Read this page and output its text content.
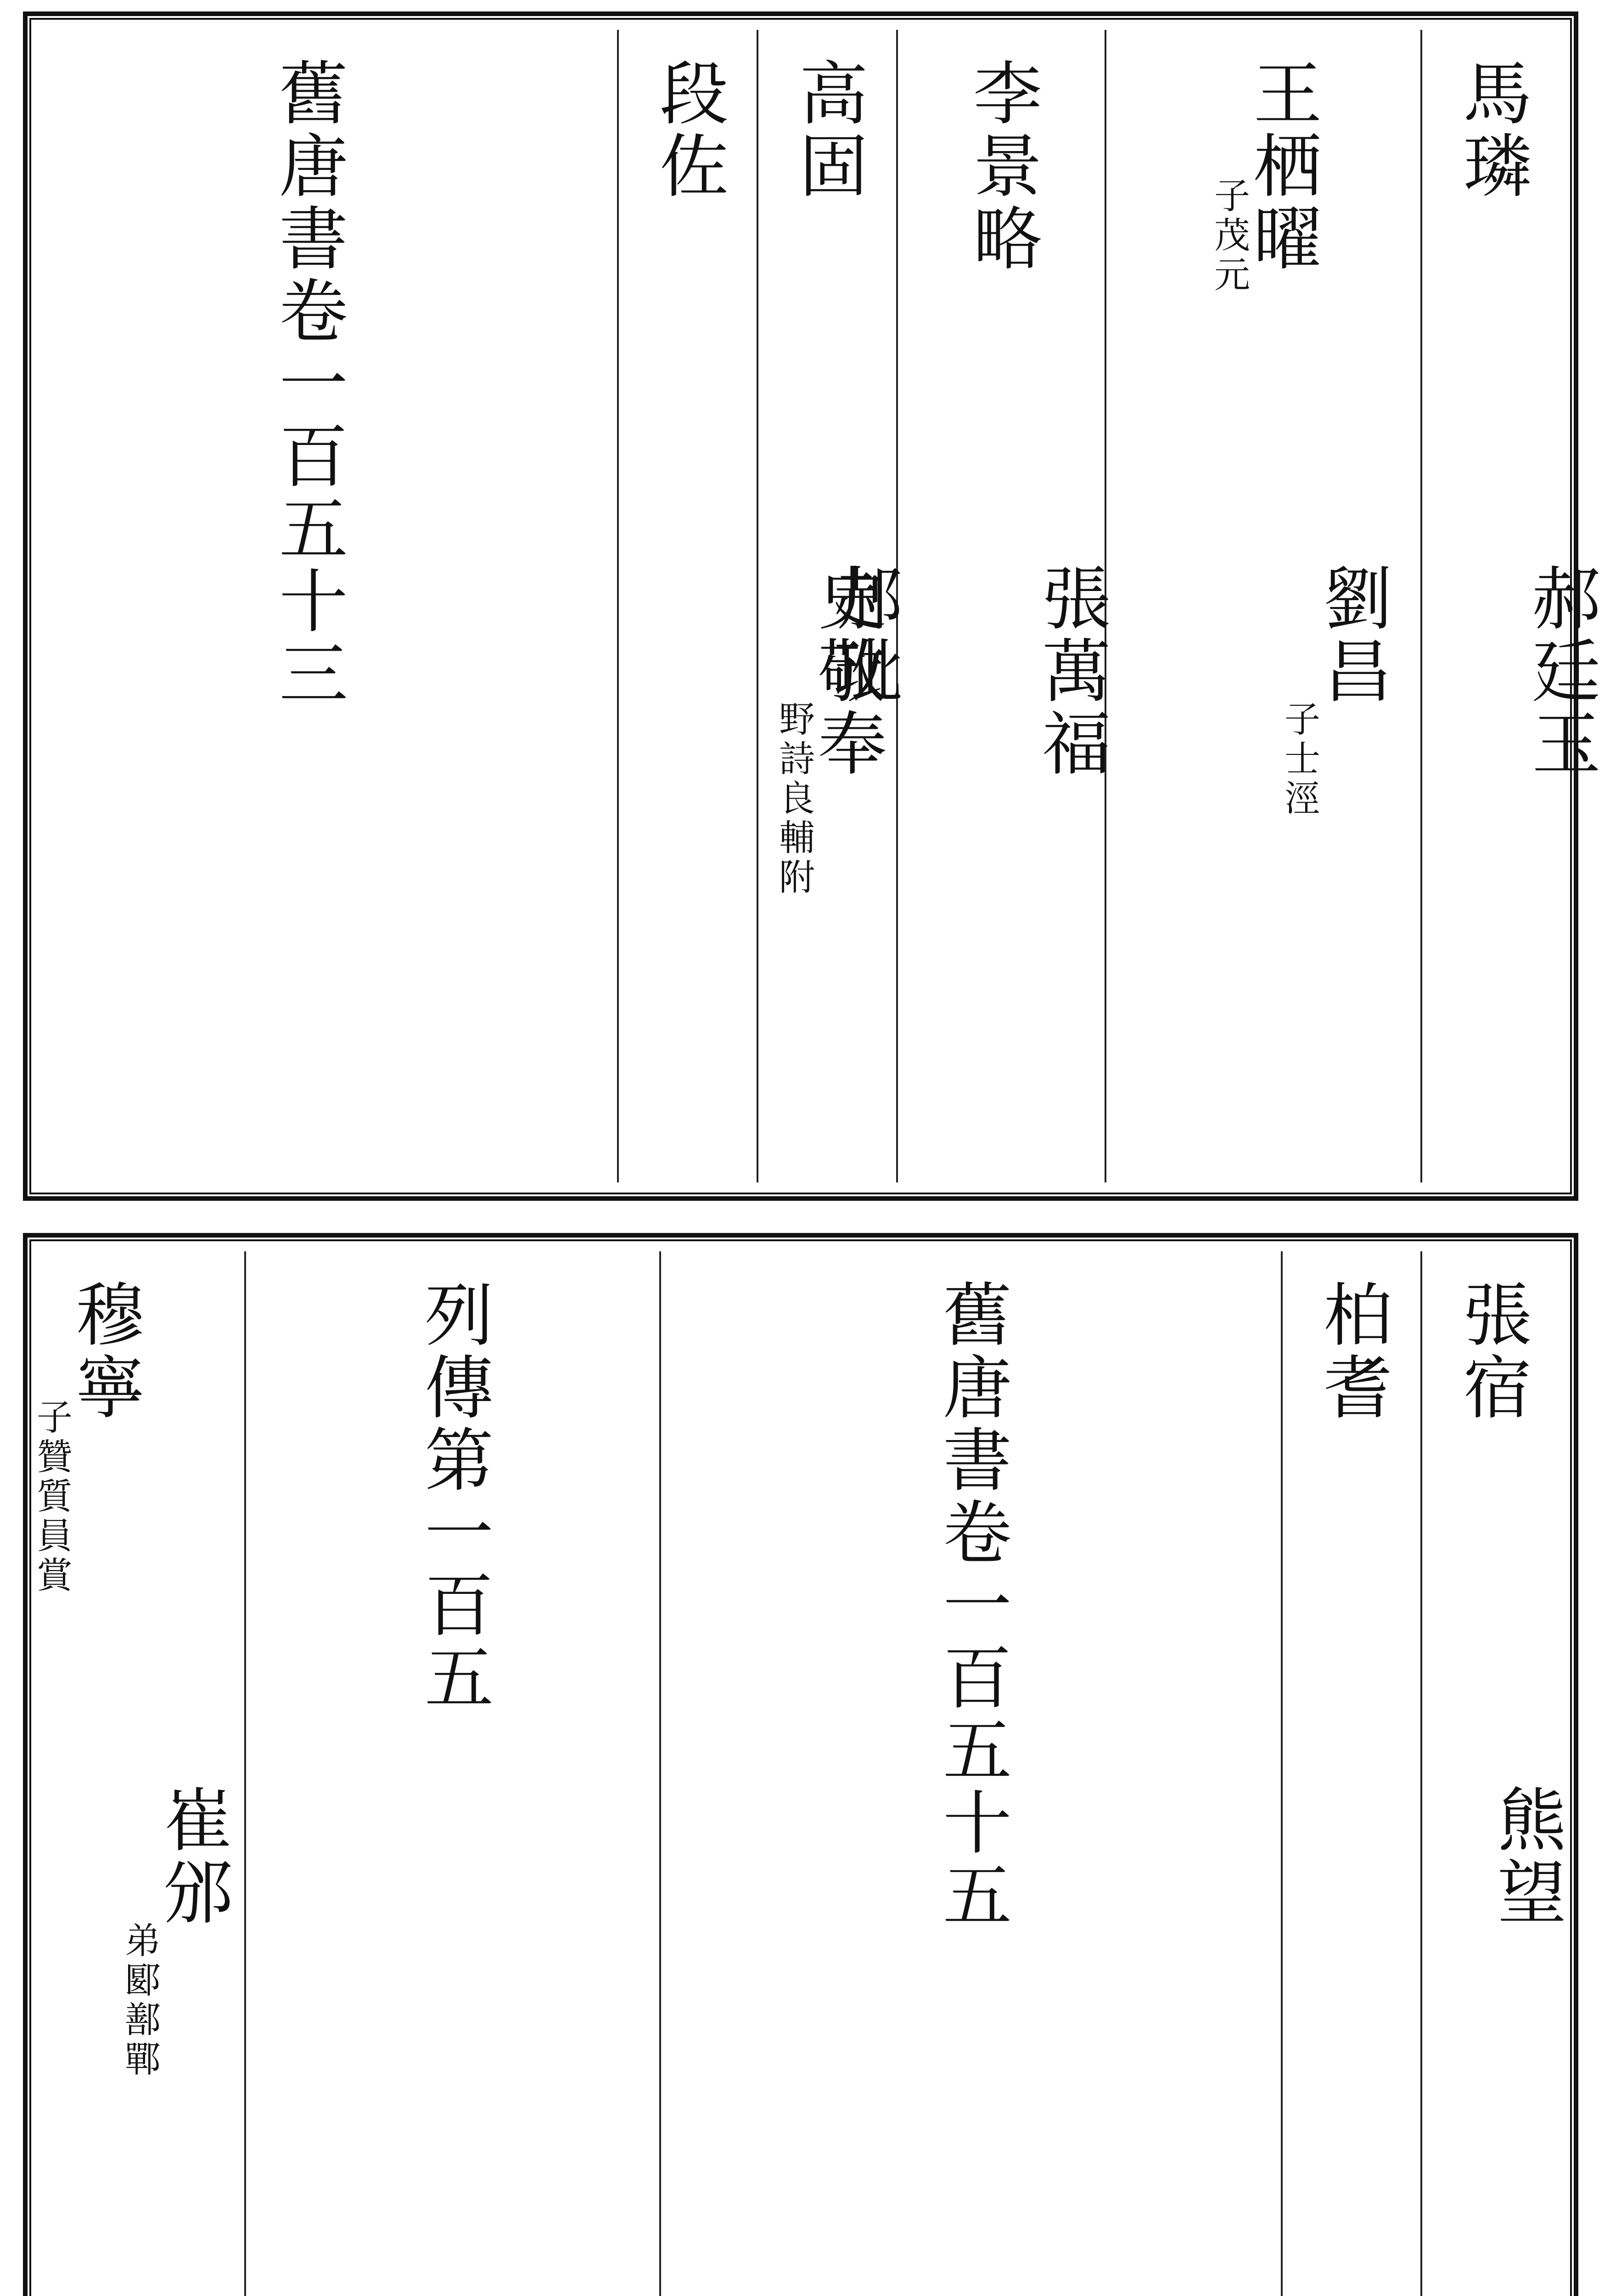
馬璘
郝廷玉
王栖曜
子茂元
劉昌
子士涇
李景略
張萬福
高固
郝玼
段佐
史敬奉
野詩良輔附
舊唐書卷一百五十三
張宿
熊望
柏耆
舊唐書卷一百五十五
列傳第一百五
穆寧
子贊質員賞
崔邠
弟郾鄯鄲
